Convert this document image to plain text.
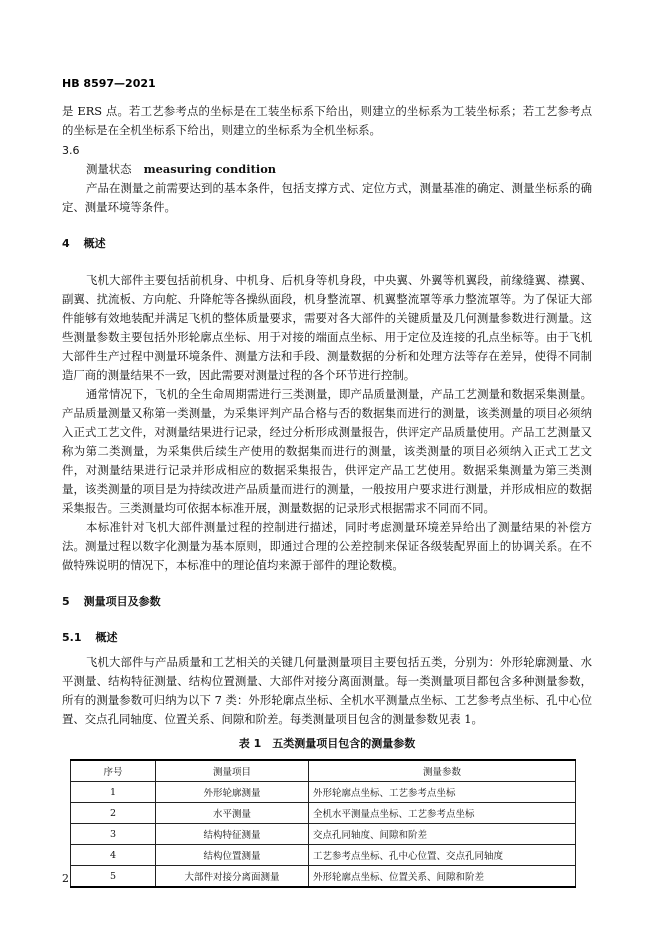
HB 8597—2021

是 ERS 点。若工艺参考点的坐标是在工装坐标系下给出，则建立的坐标系为工装坐标系；若工艺参考点的坐标是在全机坐标系下给出，则建立的坐标系为全机坐标系。

3.6

测量状态 measuring condition

产品在测量之前需要达到的基本条件，包括支撑方式、定位方式，测量基准的确定、测量坐标系的确定、测量环境等条件。

4 概述

飞机大部件主要包括前机身、中机身、后机身等机身段，中央翼、外翼等机翼段，前缘缝翼、襟翼、副翼、扰流板、方向舵、升降舵等各操纵面段，机身整流罩、机翼整流罩等承力整流罩等。为了保证大部件能够有效地装配并满足飞机的整体质量要求，需要对各大部件的关键质量及几何测量参数进行测量。这些测量参数主要包括外形轮廓点坐标、用于对接的端面点坐标、用于定位及连接的孔点坐标等。由于飞机大部件生产过程中测量环境条件、测量方法和手段、测量数据的分析和处理方法等存在差异，使得不同制造厂商的测量结果不一致，因此需要对测量过程的各个环节进行控制。

通常情况下，飞机的全生命周期需进行三类测量，即产品质量测量，产品工艺测量和数据采集测量。产品质量测量又称第一类测量，为采集评判产品合格与否的数据集而进行的测量，该类测量的项目必须纳入正式工艺文件，对测量结果进行记录，经过分析形成测量报告，供评定产品质量使用。产品工艺测量又称为第二类测量，为采集供后续生产使用的数据集而进行的测量，该类测量的项目必须纳入正式工艺文件，对测量结果进行记录并形成相应的数据采集报告，供评定产品工艺使用。数据采集测量为第三类测量，该类测量的项目是为持续改进产品质量而进行的测量，一般按用户要求进行测量，并形成相应的数据采集报告。三类测量均可依据本标准开展，测量数据的记录形式根据需求不同而不同。

本标准针对飞机大部件测量过程的控制进行描述，同时考虑测量环境差异给出了测量结果的补偿方法。测量过程以数字化测量为基本原则，即通过合理的公差控制来保证各级装配界面上的协调关系。在不做特殊说明的情况下，本标准中的理论值均来源于部件的理论数模。

5 测量项目及参数

5.1 概述

飞机大部件与产品质量和工艺相关的关键几何量测量项目主要包括五类，分别为：外形轮廓测量、水平测量、结构特征测量、结构位置测量、大部件对接分离面测量。每一类测量项目都包含多种测量参数，所有的测量参数可归纳为以下 7 类：外形轮廓点坐标、全机水平测量点坐标、工艺参考点坐标、孔中心位置、交点孔同轴度、位置关系、间隙和阶差。每类测量项目包含的测量参数见表 1。

表 1　五类测量项目包含的测量参数

序号	测量项目	测量参数
1	外形轮廓测量	外形轮廓点坐标、工艺参考点坐标
2	水平测量	全机水平测量点坐标、工艺参考点坐标
3	结构特征测量	交点孔同轴度、间隙和阶差
4	结构位置测量	工艺参考点坐标、孔中心位置、交点孔同轴度
5	大部件对接分离面测量	外形轮廓点坐标、位置关系、间隙和阶差
2
